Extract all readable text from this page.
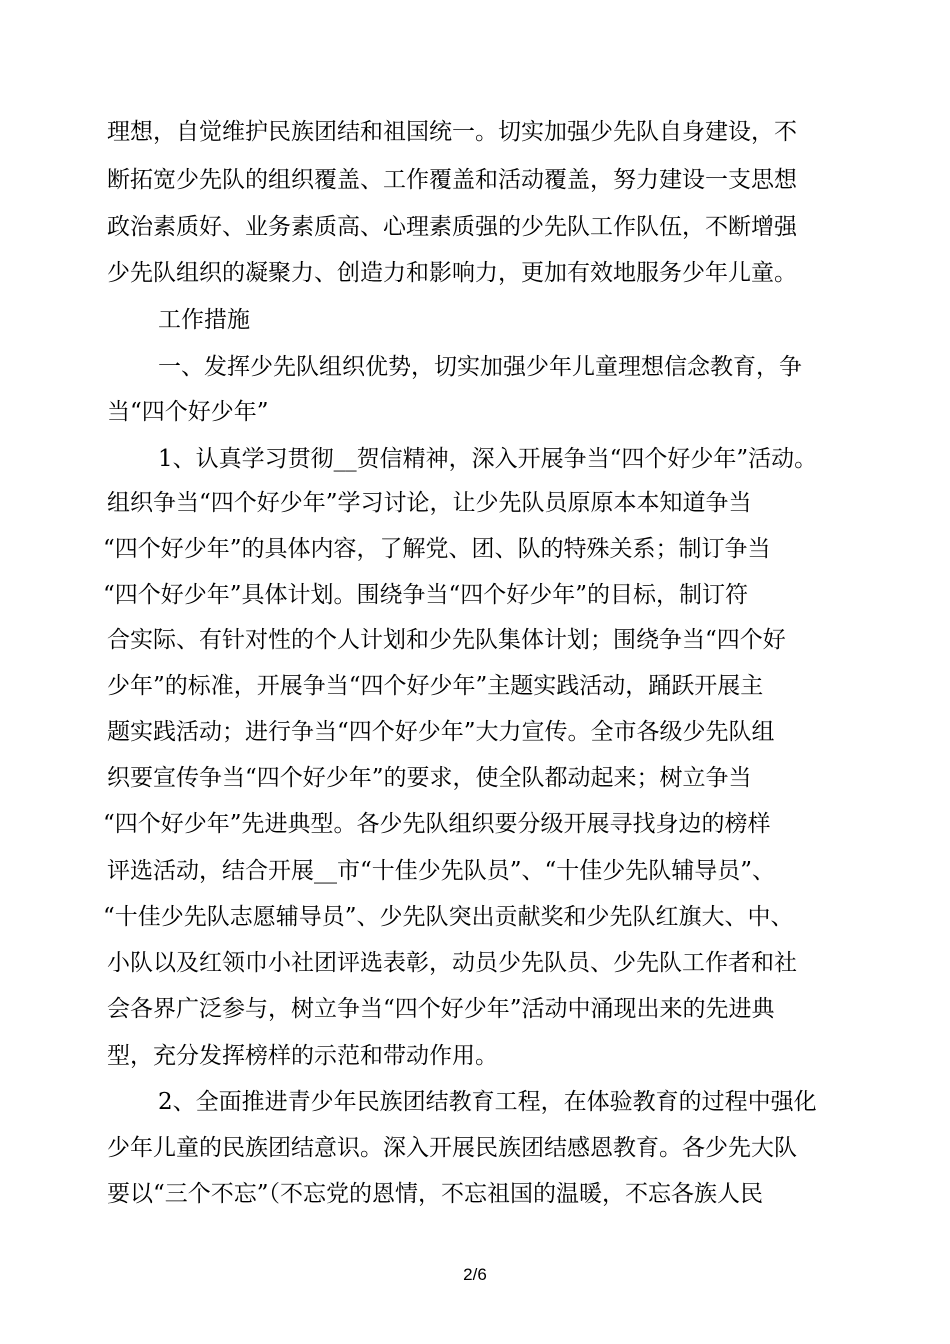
理想，自觉维护民族团结和祖国统一。切实加强少先队自身建设，不
断拓宽少先队的组织覆盖、工作覆盖和活动覆盖，努力建设一支思想
政治素质好、业务素质高、心理素质强的少先队工作队伍，不断增强
少先队组织的凝聚力、创造力和影响力，更加有效地服务少年儿童。
工作措施
一、发挥少先队组织优势，切实加强少年儿童理想信念教育，争
当“四个好少年”
1、认真学习贯彻__贺信精神，深入开展争当“四个好少年”活动。
组织争当“四个好少年”学习讨论，让少先队员原原本本知道争当
“四个好少年”的具体内容，了解党、团、队的特殊关系；制订争当
“四个好少年”具体计划。围绕争当“四个好少年”的目标，制订符
合实际、有针对性的个人计划和少先队集体计划；围绕争当“四个好
少年”的标准，开展争当“四个好少年”主题实践活动，踊跃开展主
题实践活动；进行争当“四个好少年”大力宣传。全市各级少先队组
织要宣传争当“四个好少年”的要求，使全队都动起来；树立争当
“四个好少年”先进典型。各少先队组织要分级开展寻找身边的榜样
评选活动，结合开展__市“十佳少先队员”、“十佳少先队辅导员”、
“十佳少先队志愿辅导员”、少先队突出贡献奖和少先队红旗大、中、
小队以及红领巾小社团评选表彰，动员少先队员、少先队工作者和社
会各界广泛参与，树立争当“四个好少年”活动中涌现出来的先进典
型，充分发挥榜样的示范和带动作用。
2、全面推进青少年民族团结教育工程，在体验教育的过程中强化
少年儿童的民族团结意识。深入开展民族团结感恩教育。各少先大队
要以“三个不忘”（不忘党的恩情，不忘祖国的温暖，不忘各族人民
2/6
